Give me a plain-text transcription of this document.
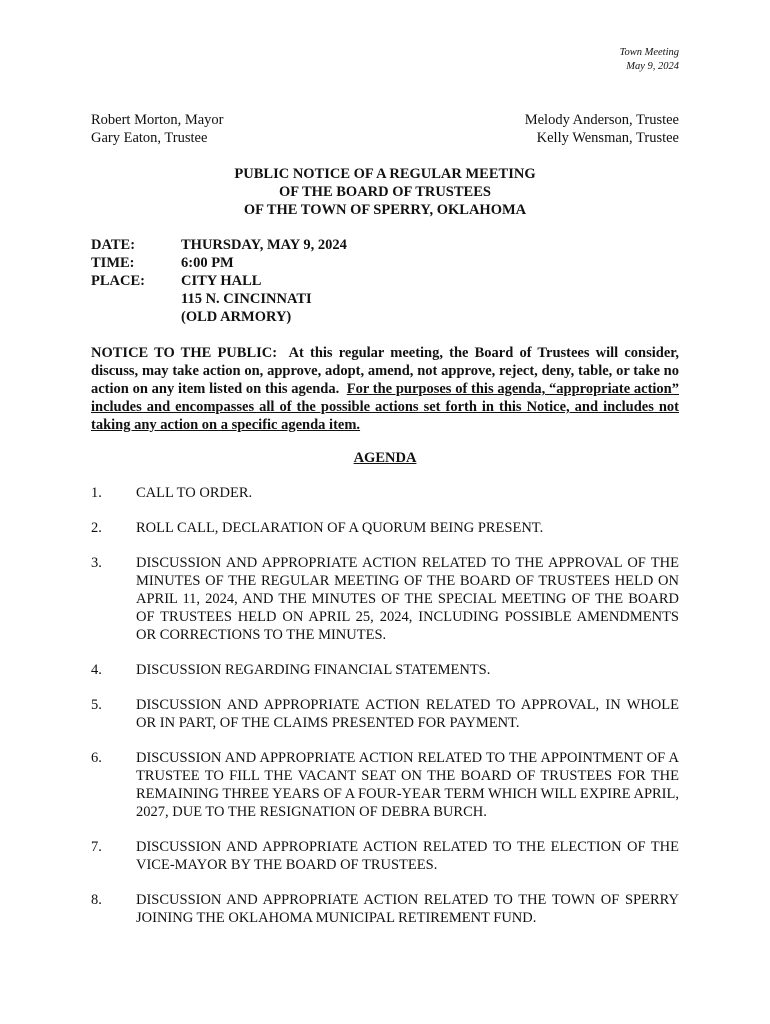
Town Meeting
May 9, 2024
Robert Morton, Mayor
Gary Eaton, Trustee
Melody Anderson, Trustee
Kelly Wensman, Trustee
PUBLIC NOTICE OF A REGULAR MEETING
OF THE BOARD OF TRUSTEES
OF THE TOWN OF SPERRY, OKLAHOMA
DATE:	THURSDAY, MAY 9, 2024
TIME:	6:00 PM
PLACE:	CITY HALL
115 N. CINCINNATI
(OLD ARMORY)
NOTICE TO THE PUBLIC: At this regular meeting, the Board of Trustees will consider, discuss, may take action on, approve, adopt, amend, not approve, reject, deny, table, or take no action on any item listed on this agenda. For the purposes of this agenda, “appropriate action” includes and encompasses all of the possible actions set forth in this Notice, and includes not taking any action on a specific agenda item.
AGENDA
1.	CALL TO ORDER.
2.	ROLL CALL, DECLARATION OF A QUORUM BEING PRESENT.
3.	DISCUSSION AND APPROPRIATE ACTION RELATED TO THE APPROVAL OF THE MINUTES OF THE REGULAR MEETING OF THE BOARD OF TRUSTEES HELD ON APRIL 11, 2024, AND THE MINUTES OF THE SPECIAL MEETING OF THE BOARD OF TRUSTEES HELD ON APRIL 25, 2024, INCLUDING POSSIBLE AMENDMENTS OR CORRECTIONS TO THE MINUTES.
4.	DISCUSSION REGARDING FINANCIAL STATEMENTS.
5.	DISCUSSION AND APPROPRIATE ACTION RELATED TO APPROVAL, IN WHOLE OR IN PART, OF THE CLAIMS PRESENTED FOR PAYMENT.
6.	DISCUSSION AND APPROPRIATE ACTION RELATED TO THE APPOINTMENT OF A TRUSTEE TO FILL THE VACANT SEAT ON THE BOARD OF TRUSTEES FOR THE REMAINING THREE YEARS OF A FOUR-YEAR TERM WHICH WILL EXPIRE APRIL, 2027, DUE TO THE RESIGNATION OF DEBRA BURCH.
7.	DISCUSSION AND APPROPRIATE ACTION RELATED TO THE ELECTION OF THE VICE-MAYOR BY THE BOARD OF TRUSTEES.
8.	DISCUSSION AND APPROPRIATE ACTION RELATED TO THE TOWN OF SPERRY JOINING THE OKLAHOMA MUNICIPAL RETIREMENT FUND.
